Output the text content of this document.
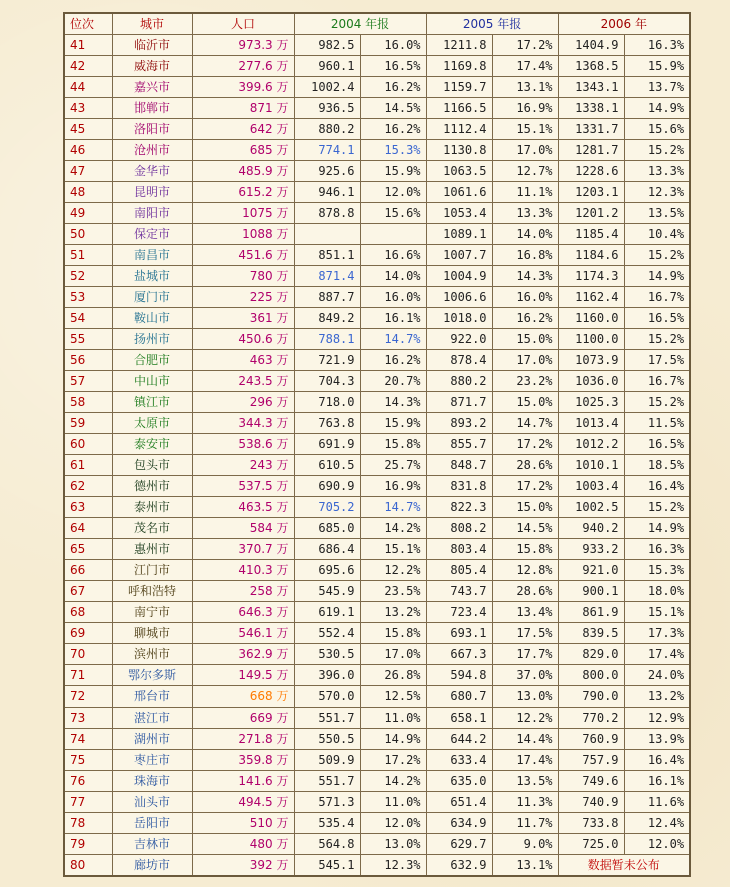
位次	城市	人口	2004 年报		2005 年报		2006 年	
41	临沂市	973.3 万	982.5	16.0%	1211.8	17.2%	1404.9	16.3%
42	威海市	277.6 万	960.1	16.5%	1169.8	17.4%	1368.5	15.9%
44	嘉兴市	399.6 万	1002.4	16.2%	1159.7	13.1%	1343.1	13.7%
43	邯郸市	871 万	936.5	14.5%	1166.5	16.9%	1338.1	14.9%
45	洛阳市	642 万	880.2	16.2%	1112.4	15.1%	1331.7	15.6%
46	沧州市	685 万	774.1	15.3%	1130.8	17.0%	1281.7	15.2%
47	金华市	485.9 万	925.6	15.9%	1063.5	12.7%	1228.6	13.3%
48	昆明市	615.2 万	946.1	12.0%	1061.6	11.1%	1203.1	12.3%
49	南阳市	1075 万	878.8	15.6%	1053.4	13.3%	1201.2	13.5%
50	保定市	1088 万			1089.1	14.0%	1185.4	10.4%
51	南昌市	451.6 万	851.1	16.6%	1007.7	16.8%	1184.6	15.2%
52	盐城市	780 万	871.4	14.0%	1004.9	14.3%	1174.3	14.9%
53	厦门市	225 万	887.7	16.0%	1006.6	16.0%	1162.4	16.7%
54	鞍山市	361 万	849.2	16.1%	1018.0	16.2%	1160.0	16.5%
55	扬州市	450.6 万	788.1	14.7%	922.0	15.0%	1100.0	15.2%
56	合肥市	463 万	721.9	16.2%	878.4	17.0%	1073.9	17.5%
57	中山市	243.5 万	704.3	20.7%	880.2	23.2%	1036.0	16.7%
58	镇江市	296 万	718.0	14.3%	871.7	15.0%	1025.3	15.2%
59	太原市	344.3 万	763.8	15.9%	893.2	14.7%	1013.4	11.5%
60	泰安市	538.6 万	691.9	15.8%	855.7	17.2%	1012.2	16.5%
61	包头市	243 万	610.5	25.7%	848.7	28.6%	1010.1	18.5%
62	德州市	537.5 万	690.9	16.9%	831.8	17.2%	1003.4	16.4%
63	泰州市	463.5 万	705.2	14.7%	822.3	15.0%	1002.5	15.2%
64	茂名市	584 万	685.0	14.2%	808.2	14.5%	940.2	14.9%
65	惠州市	370.7 万	686.4	15.1%	803.4	15.8%	933.2	16.3%
66	江门市	410.3 万	695.6	12.2%	805.4	12.8%	921.0	15.3%
67	呼和浩特	258 万	545.9	23.5%	743.7	28.6%	900.1	18.0%
68	南宁市	646.3 万	619.1	13.2%	723.4	13.4%	861.9	15.1%
69	聊城市	546.1 万	552.4	15.8%	693.1	17.5%	839.5	17.3%
70	滨州市	362.9 万	530.5	17.0%	667.3	17.7%	829.0	17.4%
71	鄂尔多斯	149.5 万	396.0	26.8%	594.8	37.0%	800.0	24.0%
72	邢台市	668 万	570.0	12.5%	680.7	13.0%	790.0	13.2%
73	湛江市	669 万	551.7	11.0%	658.1	12.2%	770.2	12.9%
74	湖州市	271.8 万	550.5	14.9%	644.2	14.4%	760.9	13.9%
75	枣庄市	359.8 万	509.9	17.2%	633.4	17.4%	757.9	16.4%
76	珠海市	141.6 万	551.7	14.2%	635.0	13.5%	749.6	16.1%
77	汕头市	494.5 万	571.3	11.0%	651.4	11.3%	740.9	11.6%
78	岳阳市	510 万	535.4	12.0%	634.9	11.7%	733.8	12.4%
79	吉林市	480 万	564.8	13.0%	629.7	9.0%	725.0	12.0%
80	廊坊市	392 万	545.1	12.3%	632.9	13.1%	数据暂未公布	
